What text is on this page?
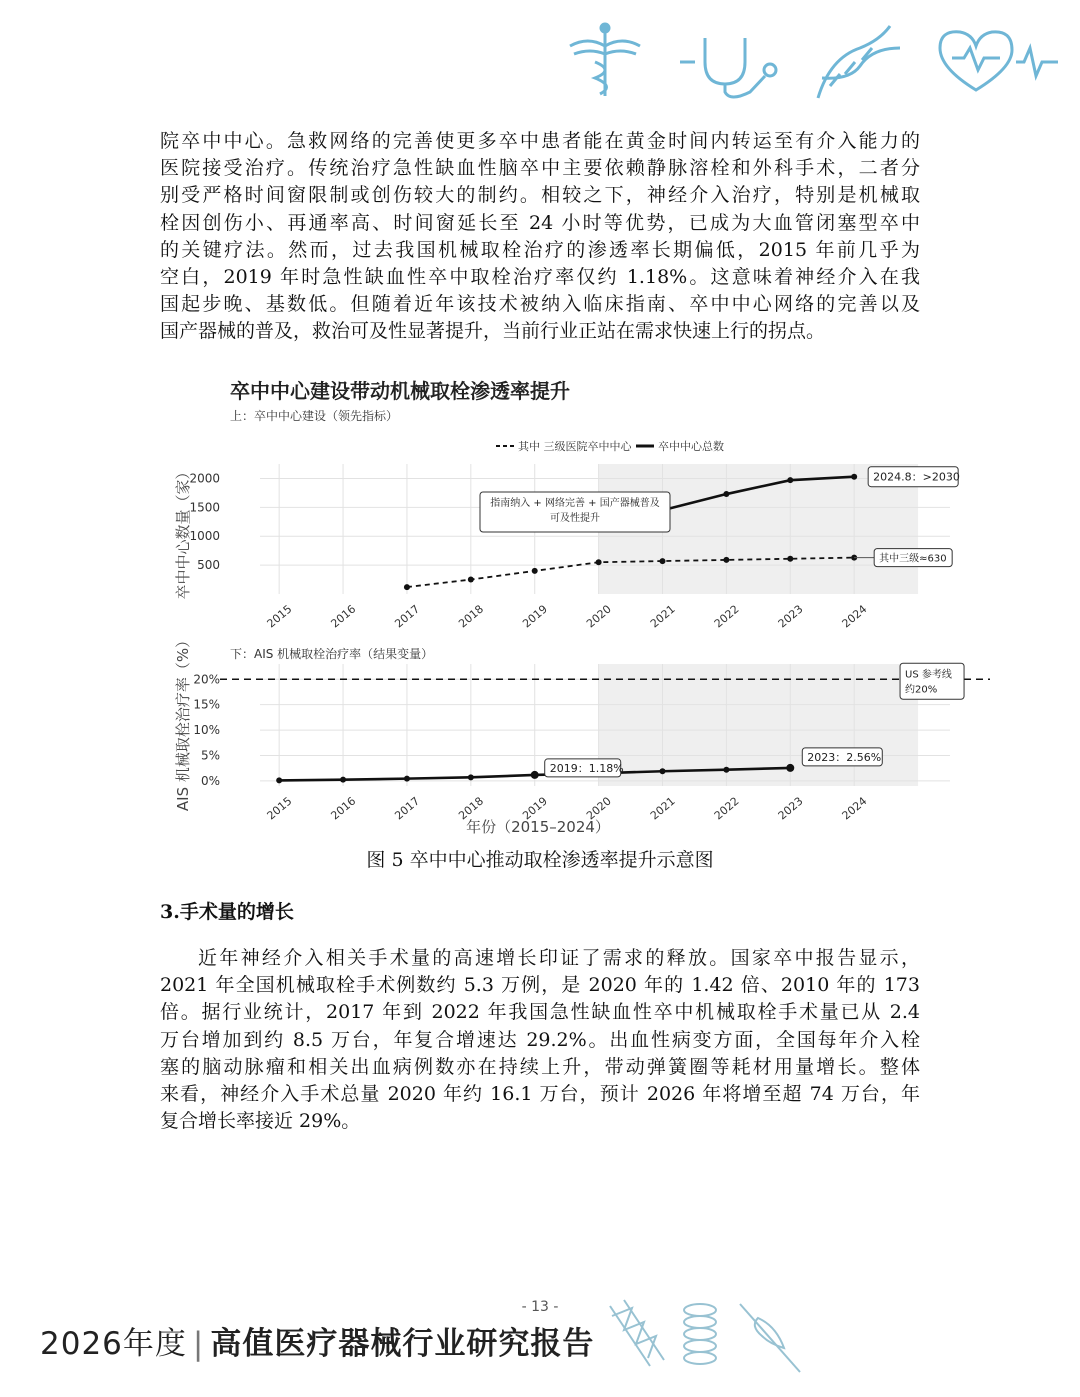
院卒中中心。急救网络的完善使更多卒中患者能在黄金时间内转运至有介入能力的
医院接受治疗。传统治疗急性缺血性脑卒中主要依赖静脉溶栓和外科手术，二者分
别受严格时间窗限制或创伤较大的制约。相较之下，神经介入治疗，特别是机械取
栓因创伤小、再通率高、时间窗延长至 24 小时等优势，已成为大血管闭塞型卒中
的关键疗法。然而，过去我国机械取栓治疗的渗透率长期偏低，2015 年前几乎为
空白，2019 年时急性缺血性卒中取栓治疗率仅约 1.18%。这意味着神经介入在我
国起步晚、基数低。但随着近年该技术被纳入临床指南、卒中中心网络的完善以及
国产器械的普及，救治可及性显著提升，当前行业正站在需求快速上行的拐点。
卒中中心建设带动机械取栓渗透率提升
上：卒中中心建设（领先指标）
下：AIS 机械取栓治疗率（结果变量）
其中 三级医院卒中中心 卒中中心总数
卒中中心数量（家）
AIS 机械取栓治疗率（%）
年份（2015–2024）
500
1000
1500
2000
2015	2016	2017	2018	2019	2020	2021	2022	2023	2024
指南纳入 + 网络完善 + 国产器械普及
可及性提升
2024.8：>2030
其中三级≈630
0%
5%
10%
15%
20%
2015	2016	2017	2018	2019	2020	2021	2022	2023	2024
2019：1.18%
2023：2.56%
US 参考线
约20%
图 5 卒中中心推动取栓渗透率提升示意图
3.手术量的增长
近年神经介入相关手术量的高速增长印证了需求的释放。国家卒中报告显示，
2021 年全国机械取栓手术例数约 5.3 万例，是 2020 年的 1.42 倍、2010 年的 173
倍。据行业统计，2017 年到 2022 年我国急性缺血性卒中机械取栓手术量已从 2.4
万台增加到约 8.5 万台，年复合增速达 29.2%。出血性病变方面，全国每年介入栓
塞的脑动脉瘤和相关出血病例数亦在持续上升，带动弹簧圈等耗材用量增长。整体
来看，神经介入手术总量 2020 年约 16.1 万台，预计 2026 年将增至超 74 万台，年
复合增长率接近 29%。
- 13 -
2026年度 | 高值医疗器械行业研究报告
